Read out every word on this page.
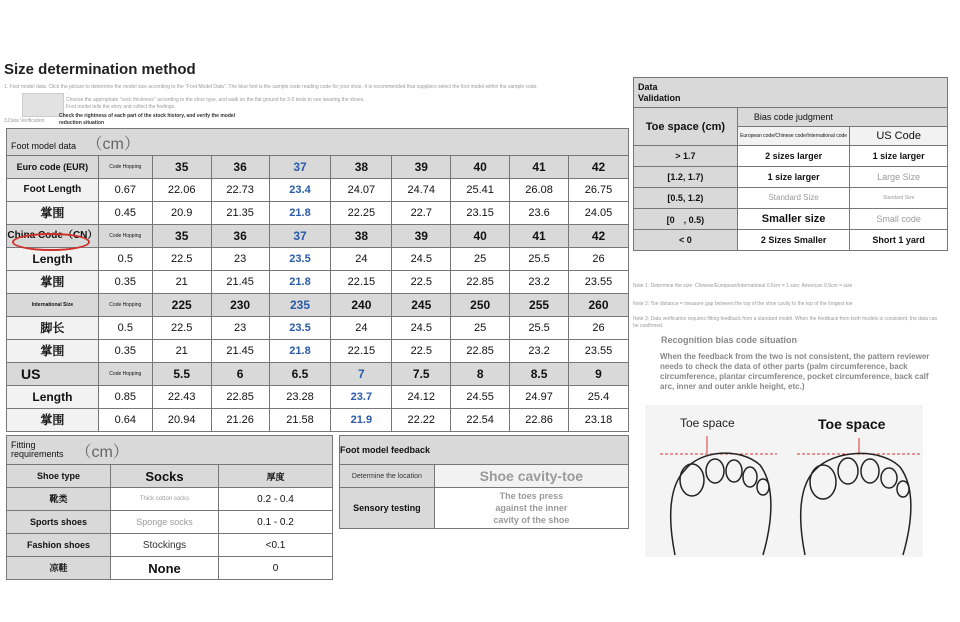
Size determination method
1. Foot model data: Click the picture to determine the model size according to the "Foot Model Data". The blue font is the sample code reading code for your shoe. It is recommended that suppliers select the foot model within the sample code.
Choose the appropriate "sock thickness" according to the shoe type, and walk on the flat ground for 3-5 tests to see wearing the shoes.
Foot model tells the story and collect the feelings.
3.Data Verification
Check the rightness of each part of the stock history, and verify the model reduction situation
Foot model data （cm）									
Euro code (EUR)	Code Hopping	35	36	37	38	39	40	41	42
Foot Length	0.67	22.06	22.73	23.4	24.07	24.74	25.41	26.08	26.75
掌围	0.45	20.9	21.35	21.8	22.25	22.7	23.15	23.6	24.05
China Code（CN）	Code Hopping	35	36	37	38	39	40	41	42
Length	0.5	22.5	23	23.5	24	24.5	25	25.5	26
掌围	0.35	21	21.45	21.8	22.15	22.5	22.85	23.2	23.55
International Size	Code Hopping	225	230	235	240	245	250	255	260
脚长	0.5	22.5	23	23.5	24	24.5	25	25.5	26
掌围	0.35	21	21.45	21.8	22.15	22.5	22.85	23.2	23.55
US	Code Hopping	5.5	6	6.5	7	7.5	8	8.5	9
Length	0.85	22.43	22.85	23.28	23.7	24.12	24.55	24.97	25.4
掌围	0.64	20.94	21.26	21.58	21.9	22.22	22.54	22.86	23.18
Fitting requirements （cm）		
Shoe type	Socks	厚度
靴类	Thick cotton socks	0.2 - 0.4
Sports shoes	Sponge socks	0.1 - 0.2
Fashion shoes	Stockings	<0.1
凉鞋	None	0
Foot model feedback	
Determine the location	Shoe cavity-toe
Sensory testing	The toes press against the inner cavity of the shoe
Data Validation		
Toe space (cm)	Bias code judgment	
	European code/Chinese code/International code	US Code
> 1.7	2 sizes larger	1 size larger
[1.2, 1.7)	1 size larger	Large Size
[0.5, 1.2)	Standard Size	Standard Size
[0　, 0.5)	Smaller size	Small code
< 0	2 Sizes Smaller	Short 1 yard
Note 1: Determine the size: Chinese/European/International 0.5cm = 1 size; American 0.5cm = size
Note 2: Toe distance = measure gap between the top of the shoe cavity to the top of the longest toe
Note 3: Data verification requires fitting feedback from a standard model. When the feedback from both models is consistent, the data can be confirmed.
Recognition bias code situation
When the feedback from the two is not consistent, the pattern reviewer needs to check the data of other parts (palm circumference, back circumference, plantar circumference, pocket circumference, back calf arc, inner and outer ankle height, etc.)
Toe space	Toe space
